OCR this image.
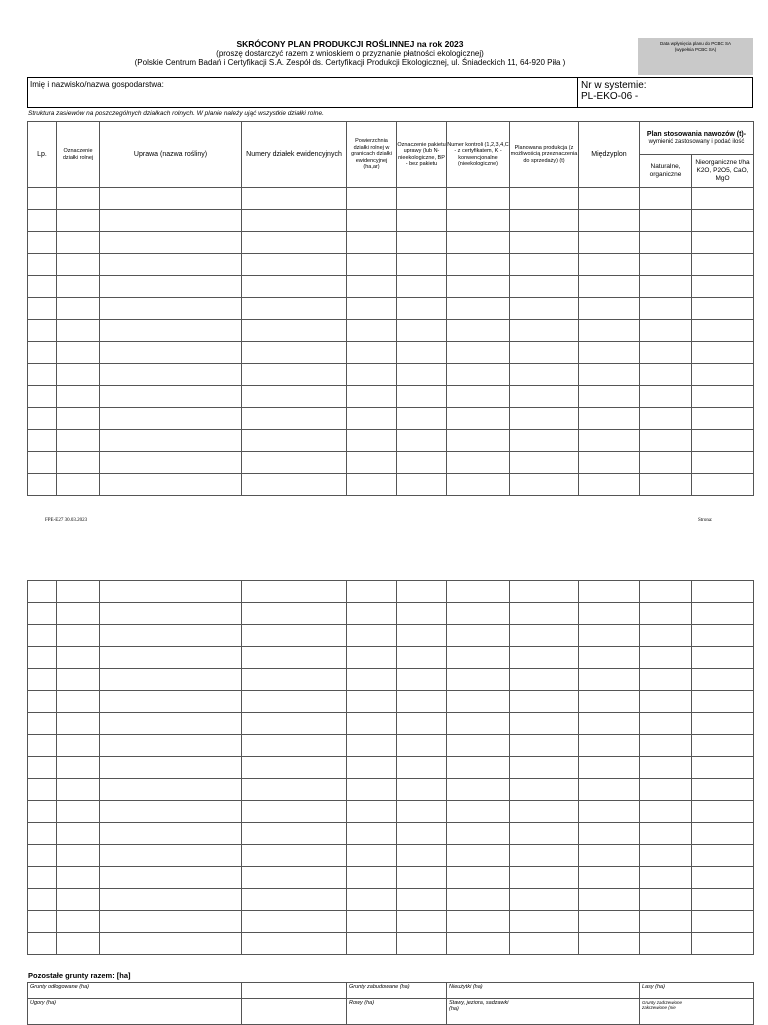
SKRÓCONY PLAN PRODUKCJI ROŚLINNEJ na rok 2023
(proszę dostarczyć razem z wnioskiem o przyznanie płatności ekologicznej)
(Polskie Centrum Badań i Certyfikacji S.A. Zespół ds. Certyfikacji Produkcji Ekologicznej, ul. Śniadeckich 11, 64-920 Piła )
Data wpłynięcia planu do PCBC SA
(wypełnia PCBC SA)
Imię i nazwisko/nazwa gospodarstwa:	Nr w systemie:
PL-EKO-06 -
Struktura zasiewów na poszczególnych działkach rolnych. W planie należy ująć wszystkie działki rolne.
Lp.	Oznaczenie działki rolnej	Uprawa (nazwa rośliny)	Numery działek ewidencyjnych	Powierzchnia działki rolnej w granicach działki ewidencyjnej (ha,ar)	Oznaczenie pakietu uprawy (lub N- nieekologiczne, BP - bez pakietu	Numer kontroli (1,2,3,4,C - z certyfikatem, K - konwencjonalne (nieekologiczne)	Planowana produkcja (z możliwością przeznaczenia do sprzedaży) (t)	Międzyplon	Plan stosowania nawozów (t)-
wymienić zastosowany i podać ilość	

									Naturalne, organiczne	Nieorganiczne t/ha K2O, P2O5, CaO, MgO

FPE-E27 30.03.2023	Strona:
Pozostałe grunty razem: [ha]
Grunty odłogowane (ha)		Grunty zabudowane (ha)	Nieużytki (ha)	Lasy (ha)
Ugory (ha)		Rowy (ha)	Stawy, jeziora, sadzawki (ha)	Grunty zadrzewione zakrzewione (nie
